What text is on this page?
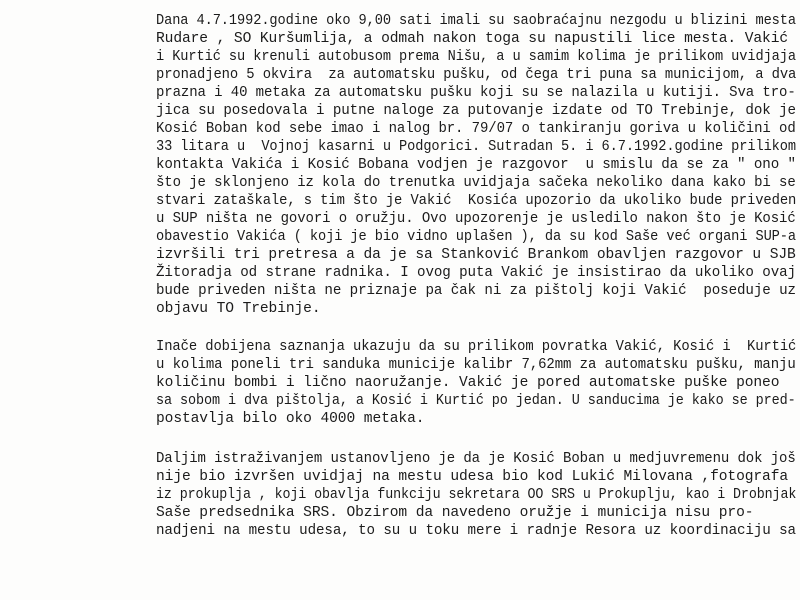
Dana 4.7.1992.godine oko 9,00 sati imali su saobraćajnu nezgodu u blizini mesta
Rudare , SO Kuršumlija, a odmah nakon toga su napustili lice mesta. Vakić
i Kurtić su krenuli autobusom prema Nišu, a u samim kolima je prilikom uvidjaja
pronadjeno 5 okvira  za automatsku pušku, od čega tri puna sa municijom, a dva
prazna i 40 metaka za automatsku pušku koji su se nalazila u kutiji. Sva tro-
jica su posedovala i putne naloge za putovanje izdate od TO Trebinje, dok je
Kosić Boban kod sebe imao i nalog br. 79/07 o tankiranju goriva u količini od
33 litara u  Vojnoj kasarni u Podgorici. Sutradan 5. i 6.7.1992.godine prilikom
kontakta Vakića i Kosić Bobana vodjen je razgovor  u smislu da se za " ono "
što je sklonjeno iz kola do trenutka uvidjaja sačeka nekoliko dana kako bi se
stvari zataškale, s tim što je Vakić  Kosića upozorio da ukoliko bude priveden
u SUP ništa ne govori o oružju. Ovo upozorenje je usledilo nakon što je Kosić
obavestio Vakića ( koji je bio vidno uplašen ), da su kod Saše već organi SUP-a
izvršili tri pretresa a da je sa Stanković Brankom obavljen razgovor u SJB
Žitoradja od strane radnika. I ovog puta Vakić je insistirao da ukoliko ovaj
bude priveden ništa ne priznaje pa čak ni za pištolj koji Vakić  poseduje uz
objavu TO Trebinje.
Inače dobijena saznanja ukazuju da su prilikom povratka Vakić, Kosić i  Kurtić
u kolima poneli tri sanduka municije kalibr 7,62mm za automatsku pušku, manju
količinu bombi i lično naoružanje. Vakić je pored automatske puške poneo
sa sobom i dva pištolja, a Kosić i Kurtić po jedan. U sanducima je kako se pred-
postavlja bilo oko 4000 metaka.
Daljim istraživanjem ustanovljeno je da je Kosić Boban u medjuvremenu dok još
nije bio izvršen uvidjaj na mestu udesa bio kod Lukić Milovana ,fotografa
iz prokuplja , koji obavlja funkciju sekretara OO SRS u Prokuplju, kao i Drobnjak
Saše predsednika SRS. Obzirom da navedeno oružje i municija nisu pro-
nadjeni na mestu udesa, to su u toku mere i radnje Resora uz koordinaciju sa
